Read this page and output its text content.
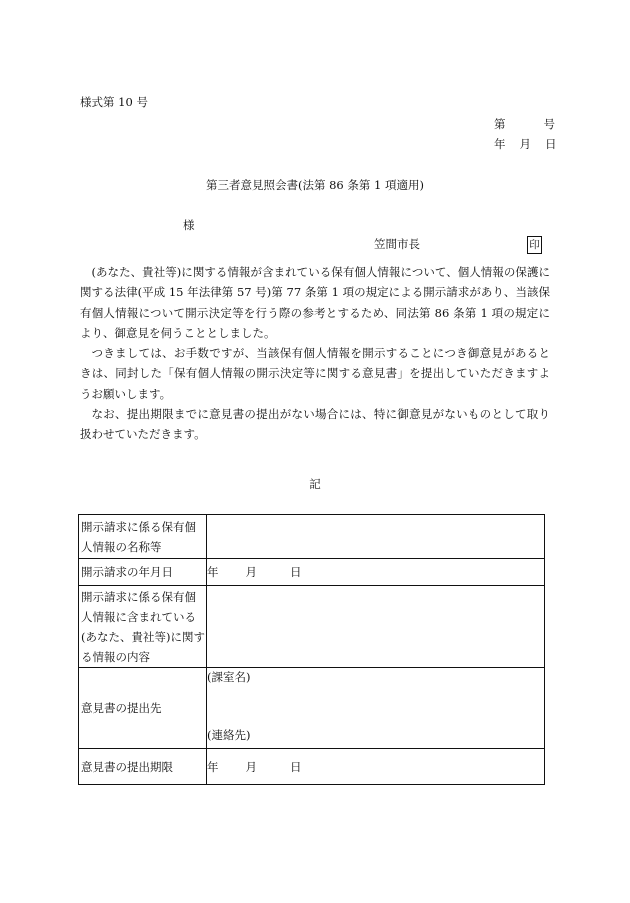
様式第 10 号
第	号
年 月 日
第三者意見照会書(法第 86 条第 1 項適用)
様
笠間市長	印

(あなた、貴社等)に関する情報が含まれている保有個人情報について、個人情報の保護に関する法律(平成 15 年法律第 57 号)第 77 条第 1 項の規定による開示請求があり、当該保有個人情報について開示決定等を行う際の参考とするため、同法第 86 条第 1 項の規定により、御意見を伺うこととしました。

つきましては、お手数ですが、当該保有個人情報を開示することにつき御意見があるときは、同封した「保有個人情報の開示決定等に関する意見書」を提出していただきますようお願いします。

なお、提出期限までに意見書の提出がない場合には、特に御意見がないものとして取り扱わせていただきます。

記
開示請求に係る保有個人情報の名称等	
開示請求の年月日	年 月 日
開示請求に係る保有個人情報に含まれている(あなた、貴社等)に関する情報の内容	
意見書の提出先	(課室名)
(連絡先)

意見書の提出期限	年 月 日
